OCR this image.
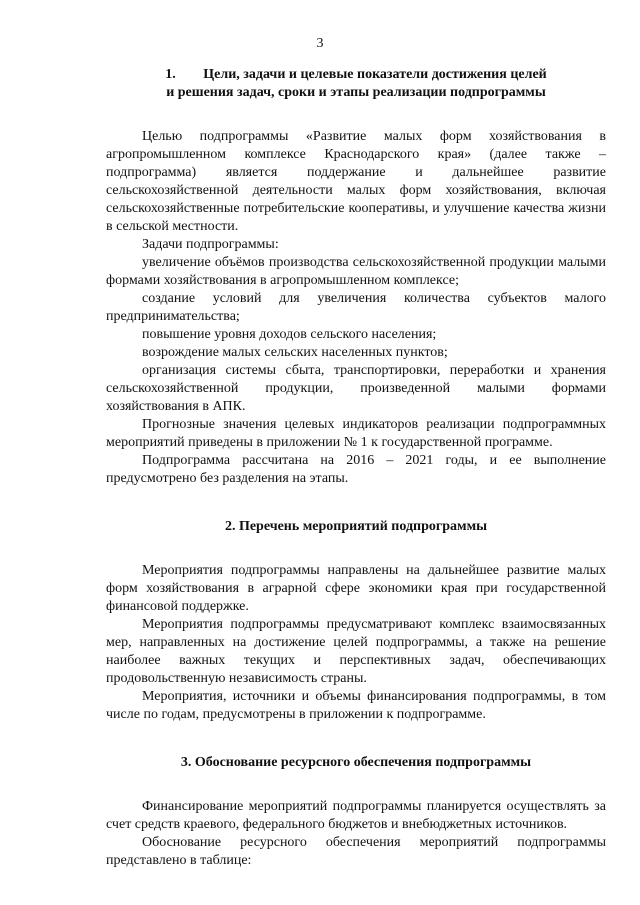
3
1. Цели, задачи и целевые показатели достижения целей
и решения задач, сроки и этапы реализации подпрограммы

Целью подпрограммы «Развитие малых форм хозяйствования в агропромышленном комплексе Краснодарского края» (далее также – подпрограмма) является поддержание и дальнейшее развитие сельскохозяйственной деятельности малых форм хозяйствования, включая сельскохозяйственные потребительские кооперативы, и улучшение качества жизни в сельской местности.

Задачи подпрограммы:

увеличение объёмов производства сельскохозяйственной продукции малыми формами хозяйствования в агропромышленном комплексе;

создание условий для увеличения количества субъектов малого предпринимательства;

повышение уровня доходов сельского населения;

возрождение малых сельских населенных пунктов;

организация системы сбыта, транспортировки, переработки и хранения сельскохозяйственной продукции, произведенной малыми формами хозяйствования в АПК.

Прогнозные значения целевых индикаторов реализации подпрограммных мероприятий приведены в приложении № 1 к государственной программе.

Подпрограмма рассчитана на 2016 – 2021 годы, и ее выполнение предусмотрено без разделения на этапы.

2. Перечень мероприятий подпрограммы

Мероприятия подпрограммы направлены на дальнейшее развитие малых форм хозяйствования в аграрной сфере экономики края при государственной финансовой поддержке.

Мероприятия подпрограммы предусматривают комплекс взаимосвязанных мер, направленных на достижение целей подпрограммы, а также на решение наиболее важных текущих и перспективных задач, обеспечивающих продовольственную независимость страны.

Мероприятия, источники и объемы финансирования подпрограммы, в том числе по годам, предусмотрены в приложении к подпрограмме.

3. Обоснование ресурсного обеспечения подпрограммы

Финансирование мероприятий подпрограммы планируется осуществлять за счет средств краевого, федерального бюджетов и внебюджетных источников.

Обоснование ресурсного обеспечения мероприятий подпрограммы представлено в таблице:
